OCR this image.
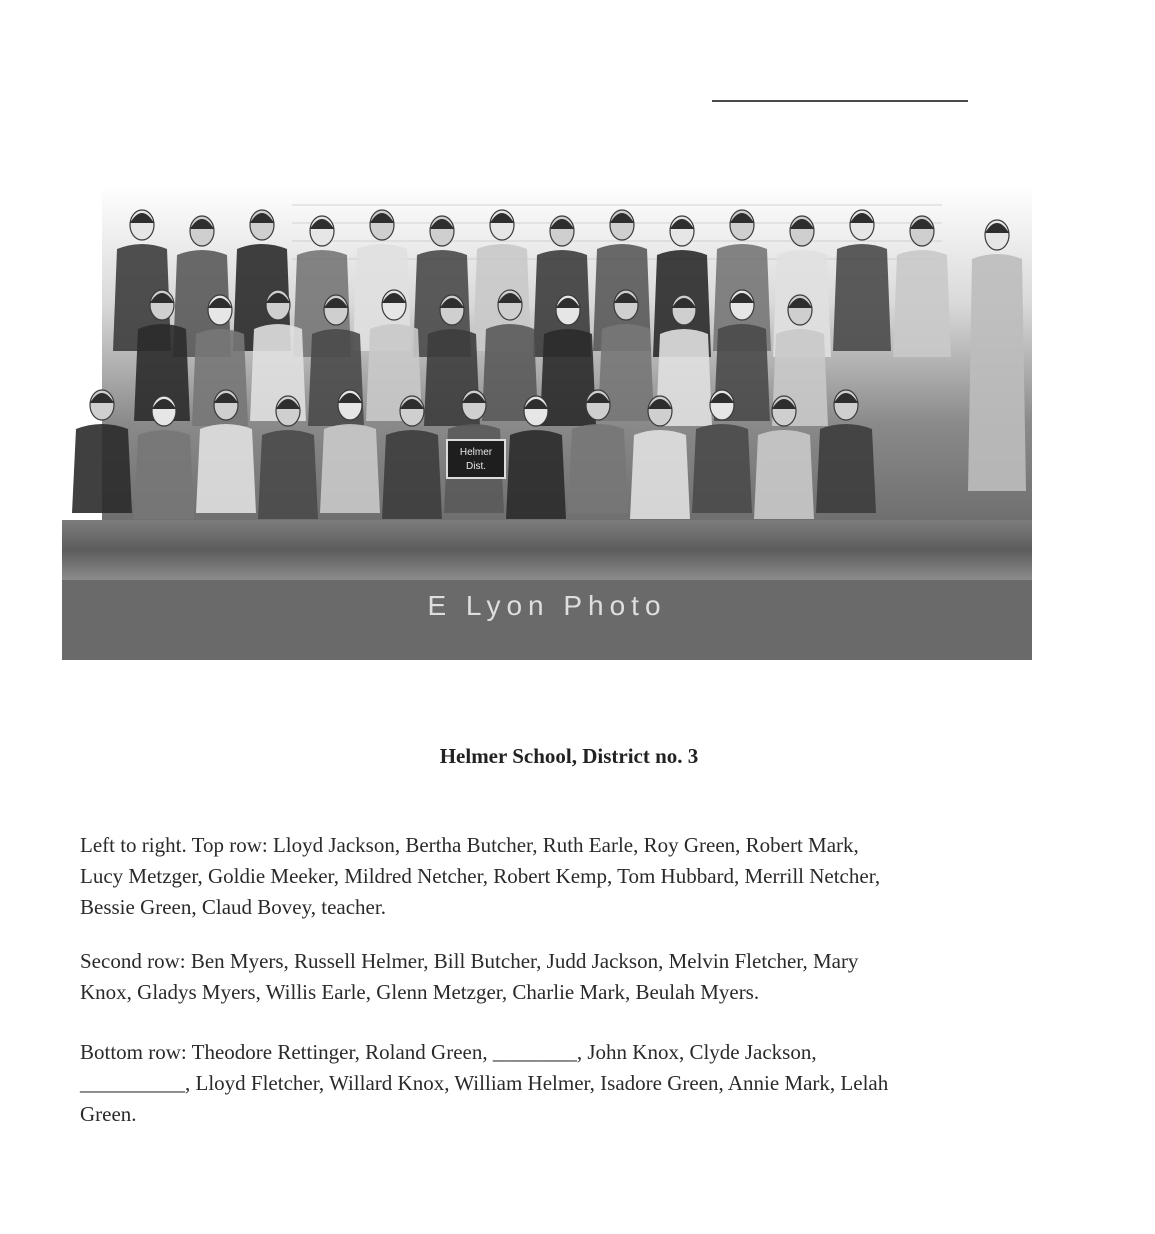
Helmer
Dist.
E Lyon Photo
Helmer School, District no. 3

Left to right. Top row: Lloyd Jackson, Bertha Butcher, Ruth Earle, Roy Green, Robert Mark,
Lucy Metzger, Goldie Meeker, Mildred Netcher, Robert Kemp, Tom Hubbard, Merrill Netcher,
Bessie Green, Claud Bovey, teacher.

Second row: Ben Myers, Russell Helmer, Bill Butcher, Judd Jackson, Melvin Fletcher, Mary
Knox, Gladys Myers, Willis Earle, Glenn Metzger, Charlie Mark, Beulah Myers.

Bottom row: Theodore Rettinger, Roland Green, ________, John Knox, Clyde Jackson,
__________, Lloyd Fletcher, Willard Knox, William Helmer, Isadore Green, Annie Mark, Lelah
Green.
